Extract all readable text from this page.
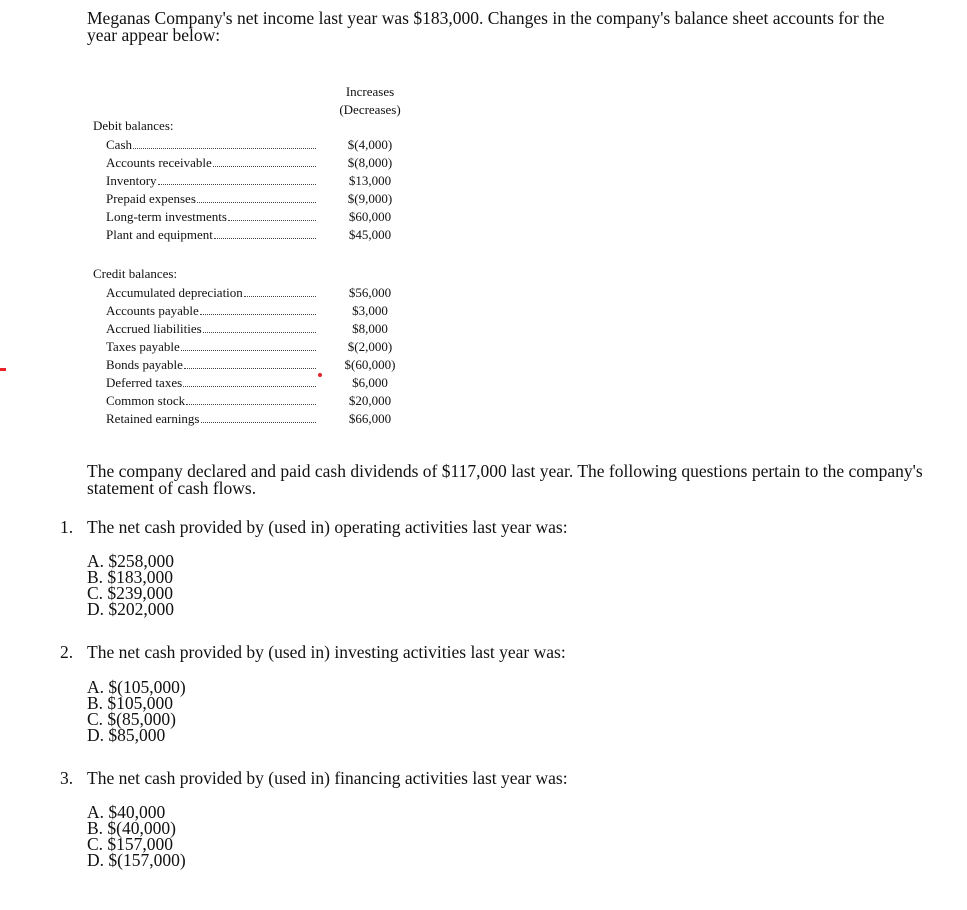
Meganas Company's net income last year was $183,000. Changes in the company's balance sheet accounts for the year appear below:
Increases
(Decreases)
Debit balances:
Cash
Accounts receivable
Inventory
Prepaid expenses
Long-term investments
Plant and equipment
$(4,000)
$(8,000)
$13,000
$(9,000)
$60,000
$45,000
Credit balances:
Accumulated depreciation
Accounts payable
Accrued liabilities
Taxes payable
Bonds payable
Deferred taxes
Common stock
Retained earnings
$56,000
$3,000
$8,000
$(2,000)
$(60,000)
$6,000
$20,000
$66,000
The company declared and paid cash dividends of $117,000 last year. The following questions pertain to the company's statement of cash flows.
1. The net cash provided by (used in) operating activities last year was:
A. $258,000
B. $183,000
C. $239,000
D. $202,000
2. The net cash provided by (used in) investing activities last year was:
A. $(105,000)
B. $105,000
C. $(85,000)
D. $85,000
3. The net cash provided by (used in) financing activities last year was:
A. $40,000
B. $(40,000)
C. $157,000
D. $(157,000)
